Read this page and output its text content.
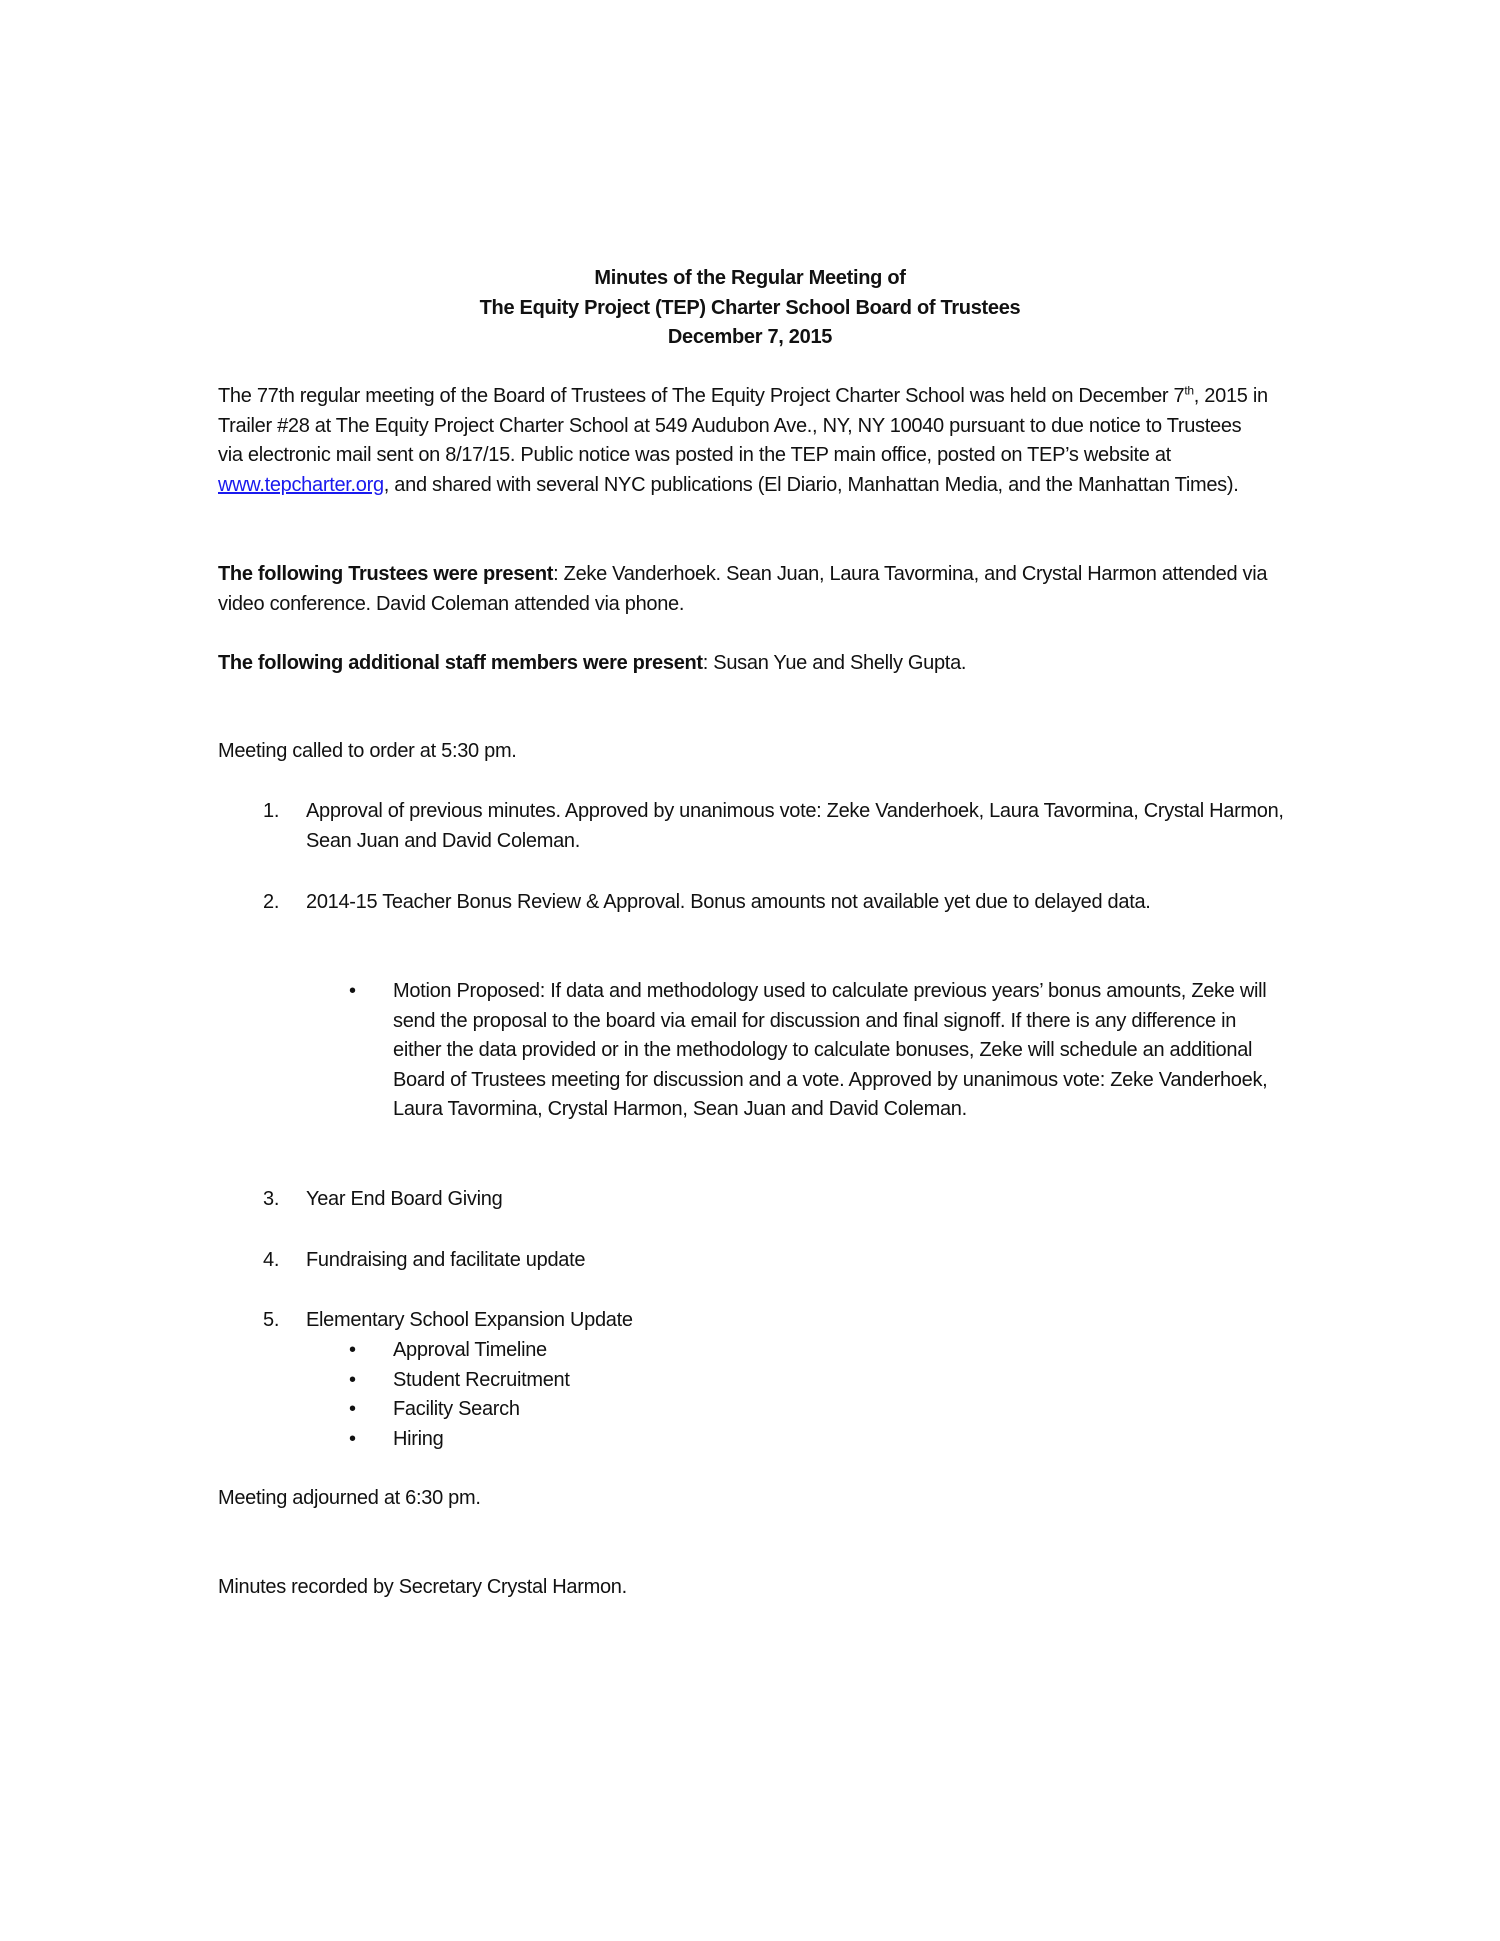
Minutes of the Regular Meeting of
The Equity Project (TEP) Charter School Board of Trustees
December 7, 2015
The 77th regular meeting of the Board of Trustees of The Equity Project Charter School was held on December 7th, 2015 in Trailer #28 at The Equity Project Charter School at 549 Audubon Ave., NY, NY 10040 pursuant to due notice to Trustees via electronic mail sent on 8/17/15. Public notice was posted in the TEP main office, posted on TEP’s website at www.tepcharter.org, and shared with several NYC publications (El Diario, Manhattan Media, and the Manhattan Times).
The following Trustees were present: Zeke Vanderhoek. Sean Juan, Laura Tavormina, and Crystal Harmon attended via video conference. David Coleman attended via phone.
The following additional staff members were present: Susan Yue and Shelly Gupta.
Meeting called to order at 5:30 pm.
1. Approval of previous minutes. Approved by unanimous vote: Zeke Vanderhoek, Laura Tavormina, Crystal Harmon, Sean Juan and David Coleman.
2. 2014-15 Teacher Bonus Review & Approval. Bonus amounts not available yet due to delayed data.
• Motion Proposed: If data and methodology used to calculate previous years’ bonus amounts, Zeke will send the proposal to the board via email for discussion and final signoff. If there is any difference in either the data provided or in the methodology to calculate bonuses, Zeke will schedule an additional Board of Trustees meeting for discussion and a vote. Approved by unanimous vote: Zeke Vanderhoek, Laura Tavormina, Crystal Harmon, Sean Juan and David Coleman.
3. Year End Board Giving
4. Fundraising and facilitate update
5. Elementary School Expansion Update
• Approval Timeline
• Student Recruitment
• Facility Search
• Hiring
Meeting adjourned at 6:30 pm.
Minutes recorded by Secretary Crystal Harmon.
